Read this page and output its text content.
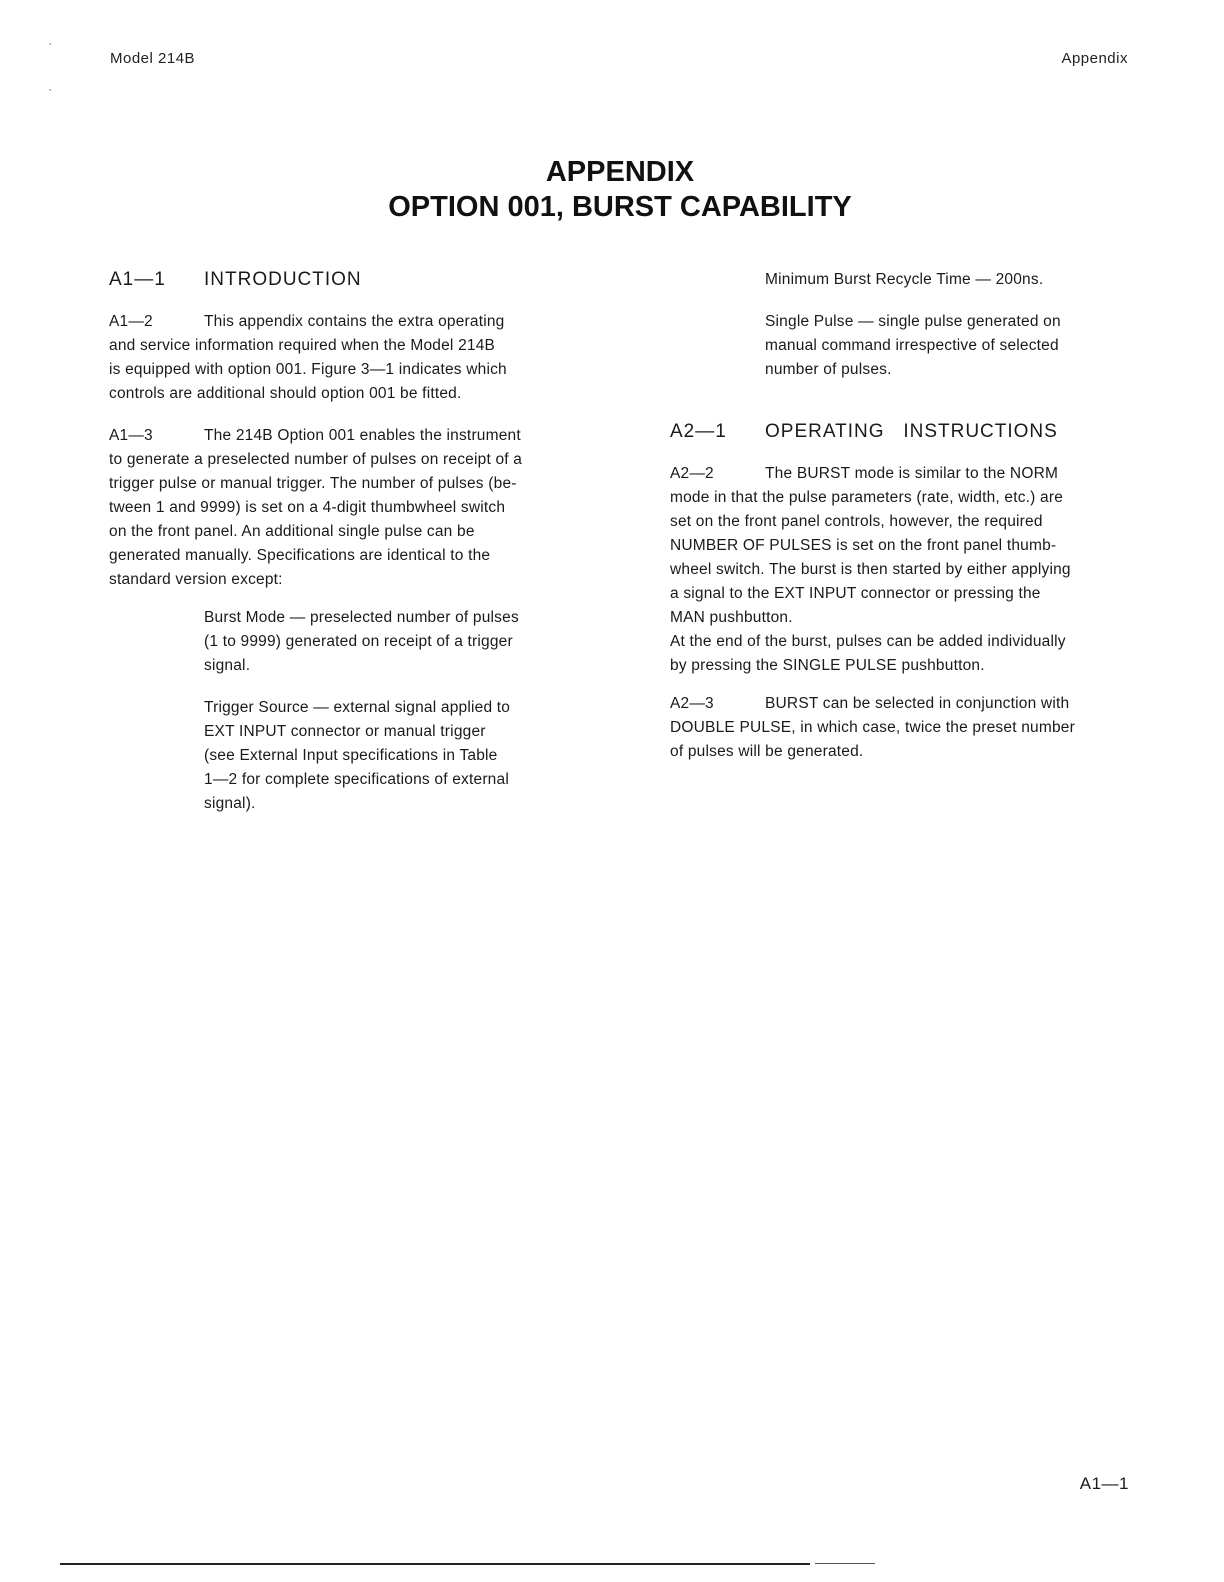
Model 214B	Appendix
·
·
APPENDIX
OPTION 001, BURST CAPABILITY
A1—1	INTRODUCTION

A1—2	This appendix contains the extra operating

and service information required when the Model 214B

is equipped with option 001. Figure 3—1 indicates which

controls are additional should option 001 be fitted.

A1—3	The 214B Option 001 enables the instrument

to generate a preselected number of pulses on receipt of a

trigger pulse or manual trigger. The number of pulses (be-

tween 1 and 9999) is set on a 4-digit thumbwheel switch

on the front panel. An additional single pulse can be

generated manually. Specifications are identical to the

standard version except:

Burst Mode — preselected number of pulses

(1 to 9999) generated on receipt of a trigger

signal.

Trigger Source — external signal applied to

EXT INPUT connector or manual trigger

(see External Input specifications in Table

1—2 for complete specifications of external

signal).

Minimum Burst Recycle Time — 200ns.

Single Pulse — single pulse generated on

manual command irrespective of selected

number of pulses.

A2—1	OPERATING   INSTRUCTIONS

A2—2	The BURST mode is similar to the NORM

mode in that the pulse parameters (rate, width, etc.) are

set on the front panel controls, however, the required

NUMBER OF PULSES is set on the front panel thumb-

wheel switch. The burst is then started by either applying

a signal to the EXT INPUT connector or pressing the

MAN pushbutton.

At the end of the burst, pulses can be added individually

by pressing the SINGLE PULSE pushbutton.

A2—3	BURST can be selected in conjunction with

DOUBLE PULSE, in which case, twice the preset number

of pulses will be generated.

A1—1
